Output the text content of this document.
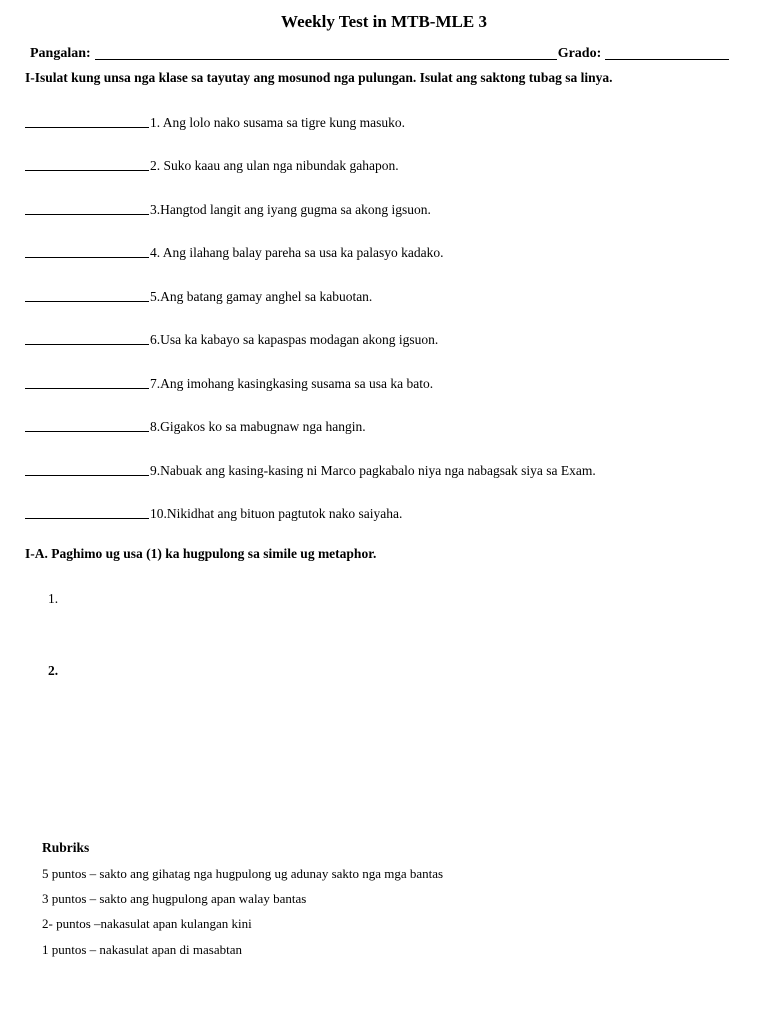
Weekly Test in MTB-MLE 3
Pangalan:	Grado:
I-Isulat kung unsa nga klase sa tayutay ang mosunod nga pulungan. Isulat ang saktong tubag sa linya.
1. Ang lolo nako susama sa tigre kung masuko.
2. Suko kaau ang ulan nga nibundak gahapon.
3.Hangtod langit ang iyang gugma sa akong igsuon.
4. Ang ilahang balay pareha sa usa ka palasyo kadako.
5.Ang batang gamay anghel sa kabuotan.
6.Usa ka kabayo sa kapaspas modagan akong igsuon.
7.Ang imohang kasingkasing susama sa usa ka bato.
8.Gigakos ko sa mabugnaw nga hangin.
9.Nabuak ang kasing-kasing ni Marco pagkabalo niya nga nabagsak siya sa Exam.
10.Nikidhat ang bituon pagtutok nako saiyaha.
I-A. Paghimo ug usa (1) ka hugpulong sa simile ug metaphor.
1.
2.
Rubriks
5 puntos – sakto ang gihatag nga hugpulong ug adunay sakto nga mga bantas
3 puntos – sakto ang hugpulong apan walay bantas
2- puntos –nakasulat apan kulangan kini
1 puntos – nakasulat apan di masabtan
